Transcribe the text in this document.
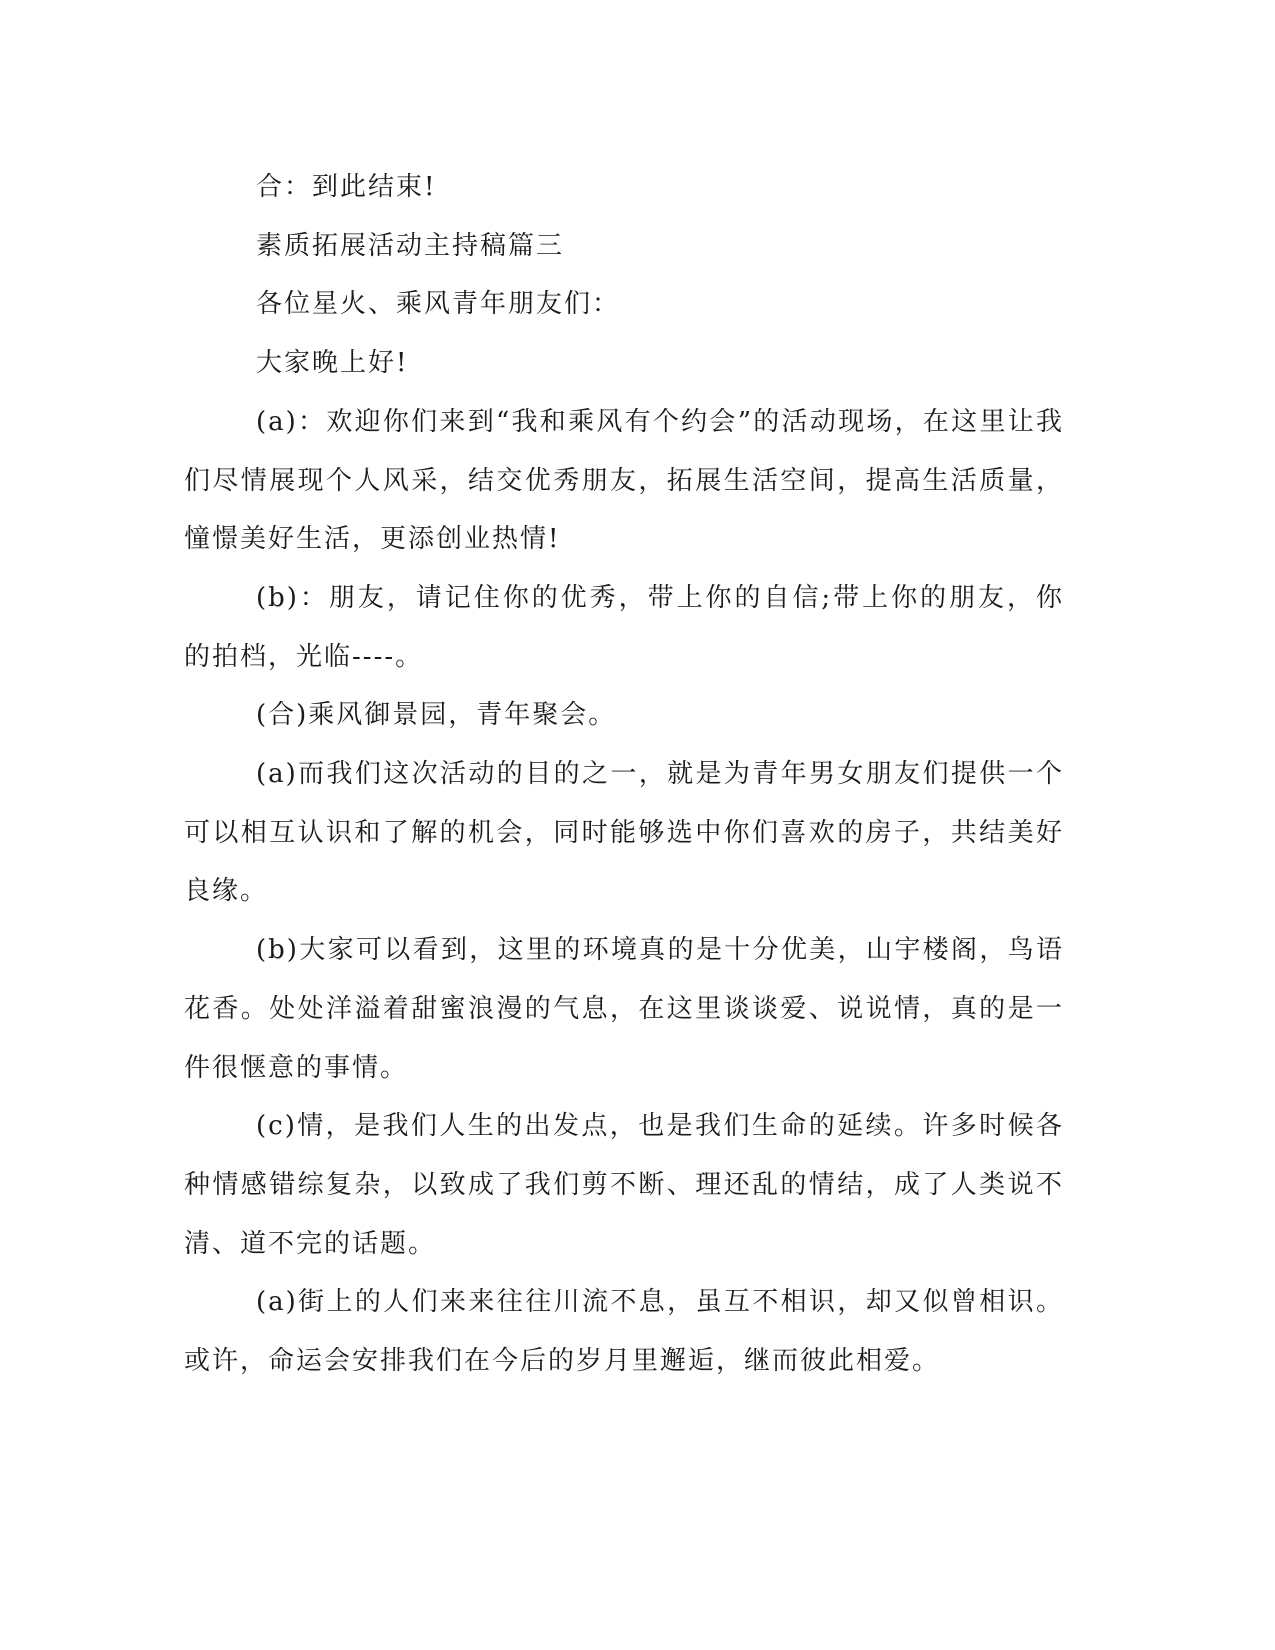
合：到此结束!

素质拓展活动主持稿篇三

各位星火、乘风青年朋友们：

大家晚上好!

(a)：欢迎你们来到“我和乘风有个约会”的活动现场，在这里让我们尽情展现个人风采，结交优秀朋友，拓展生活空间，提高生活质量，憧憬美好生活，更添创业热情!

(b)：朋友，请记住你的优秀，带上你的自信;带上你的朋友，你的拍档，光临----。

(合)乘风御景园，青年聚会。

(a)而我们这次活动的目的之一，就是为青年男女朋友们提供一个可以相互认识和了解的机会，同时能够选中你们喜欢的房子，共结美好良缘。

(b)大家可以看到，这里的环境真的是十分优美，山宇楼阁，鸟语花香。处处洋溢着甜蜜浪漫的气息，在这里谈谈爱、说说情，真的是一件很惬意的事情。

(c)情，是我们人生的出发点，也是我们生命的延续。许多时候各种情感错综复杂，以致成了我们剪不断、理还乱的情结，成了人类说不清、道不完的话题。

(a)街上的人们来来往往川流不息，虽互不相识，却又似曾相识。或许，命运会安排我们在今后的岁月里邂逅，继而彼此相爱。
